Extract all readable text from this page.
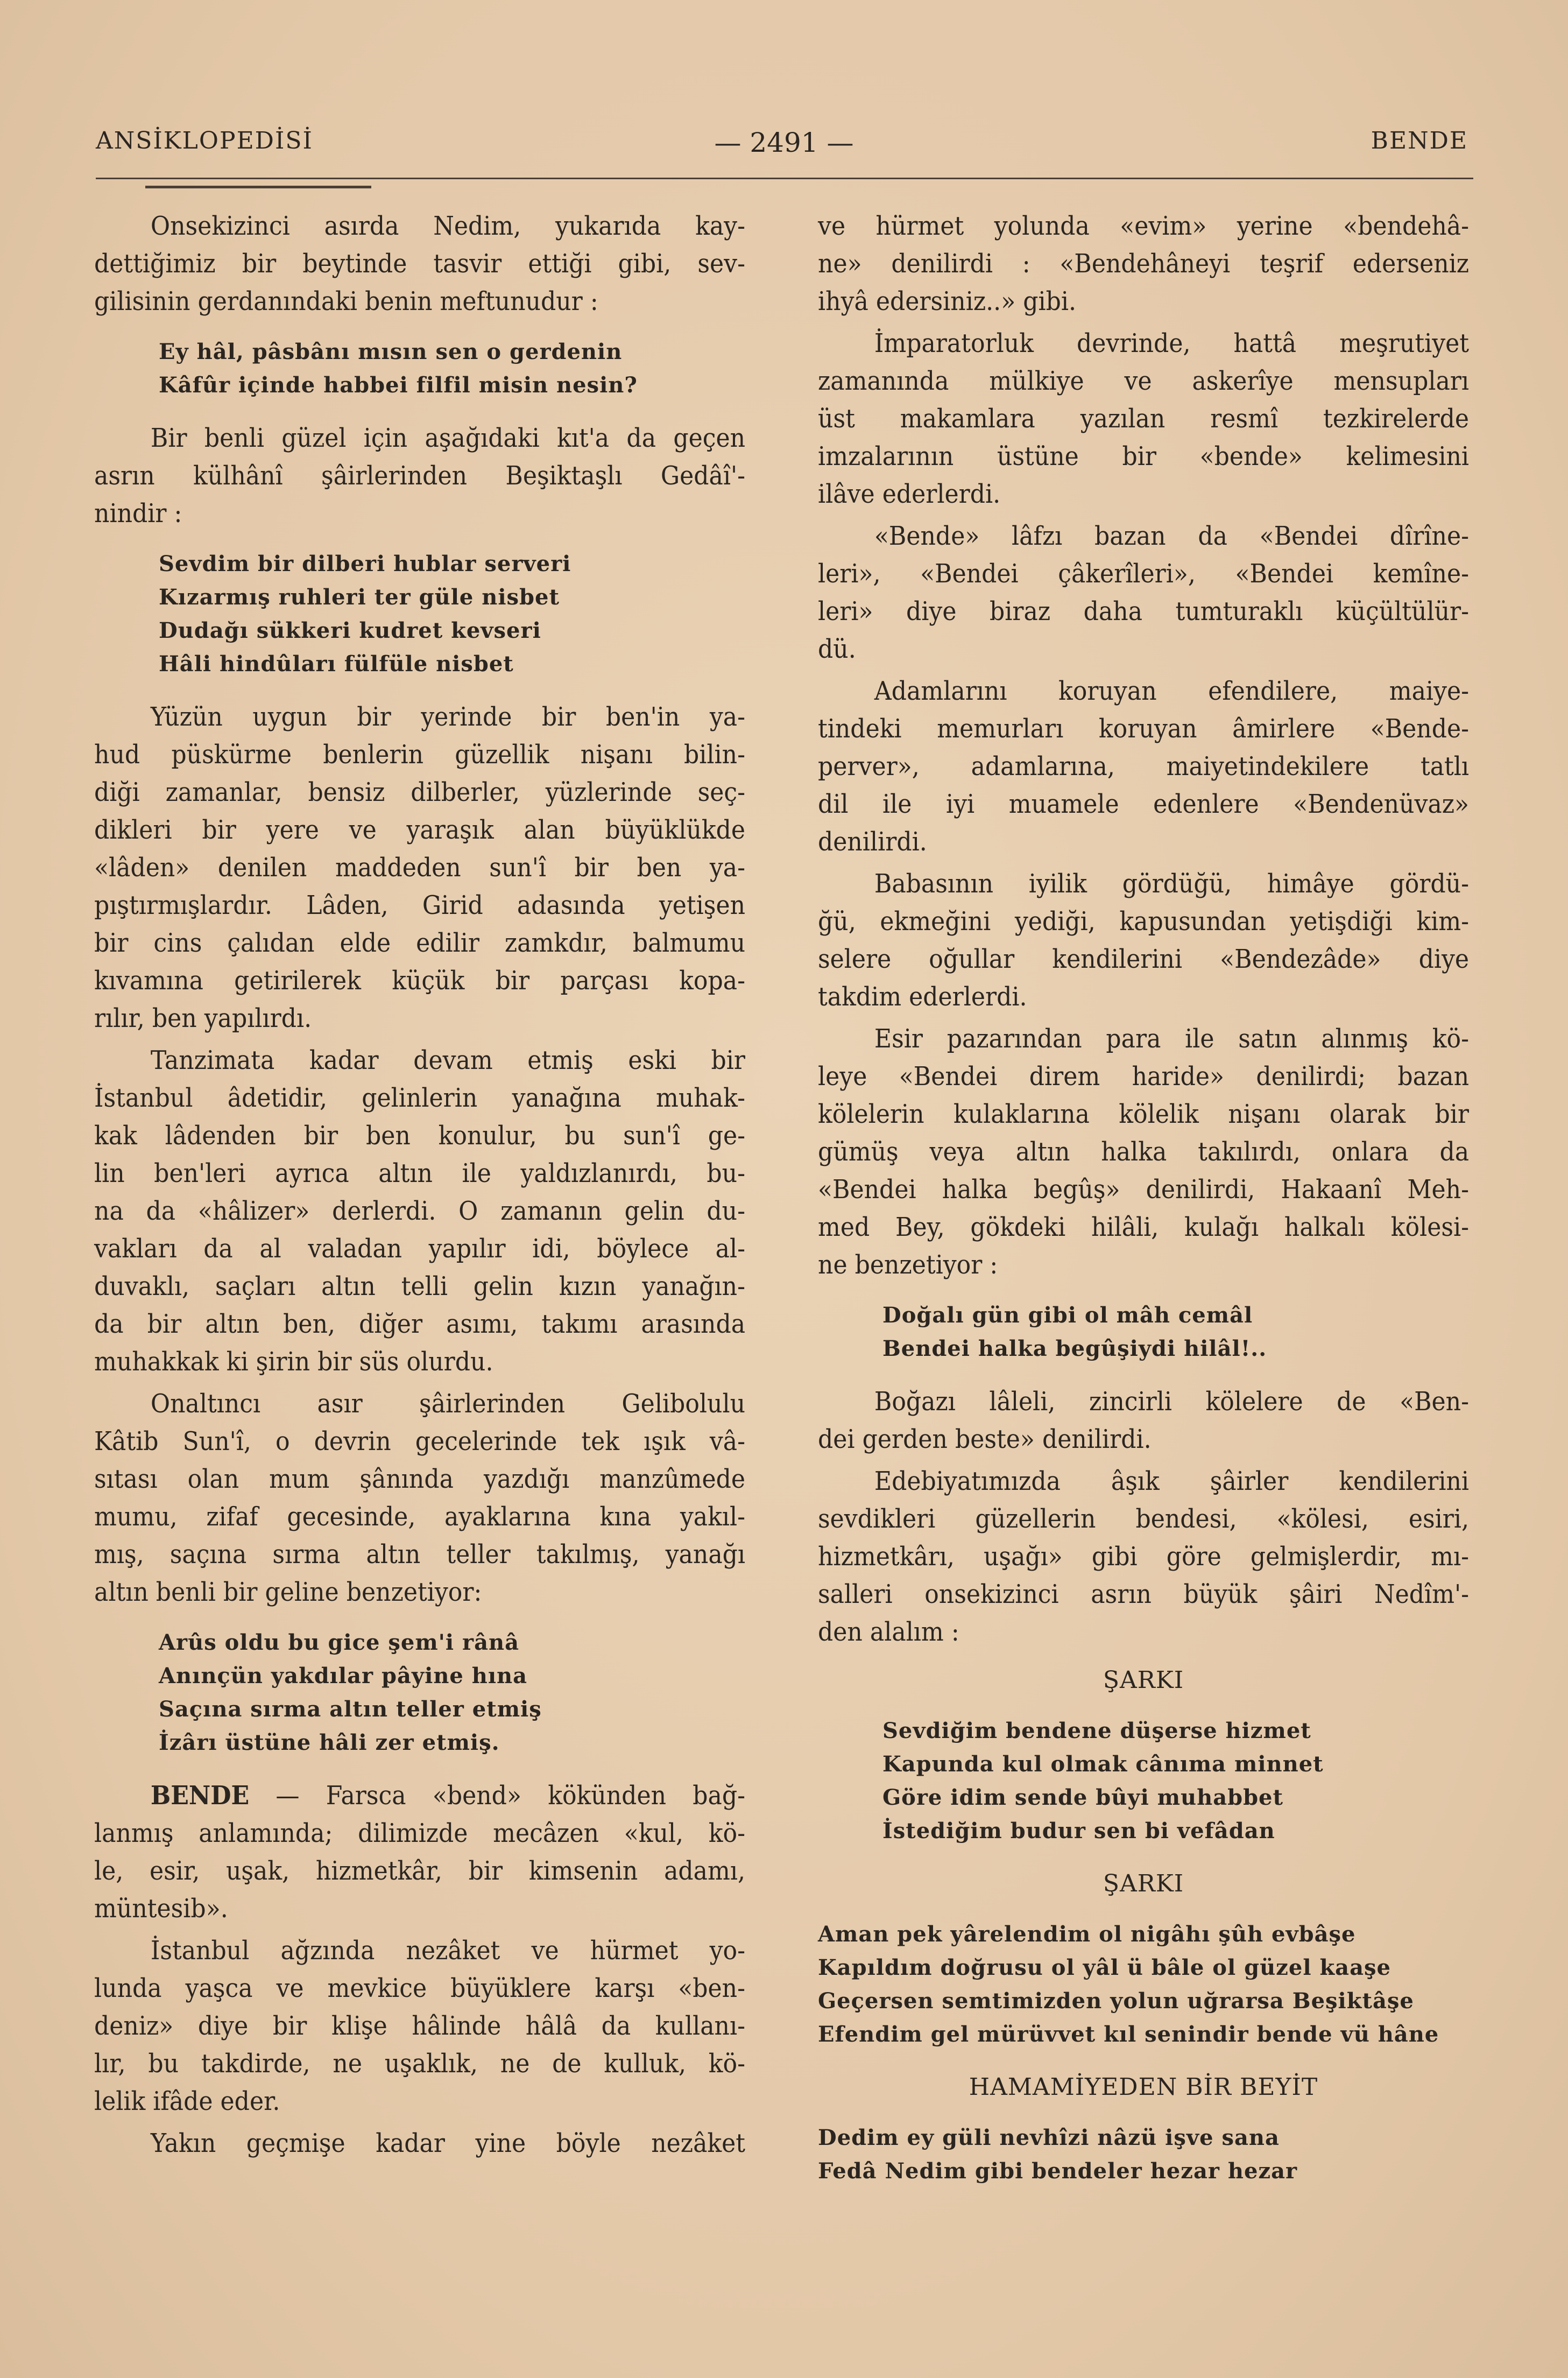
ANSİKLOPEDİSİ	— 2491 —	BENDE
Onsekizinci asırda Nedim, yukarıda kay-
dettiğimiz bir beytinde tasvir ettiği gibi, sev-
gilisinin gerdanındaki benin meftunudur :
Ey hâl, pâsbânı mısın sen o gerdenin
Kâfûr içinde habbei filfil misin nesin?
Bir benli güzel için aşağıdaki kıt'a da geçen
asrın külhânî şâirlerinden Beşiktaşlı Gedâî'-
nindir :
Sevdim bir dilberi hublar serveri
Kızarmış ruhleri ter güle nisbet
Dudağı sükkeri kudret kevseri
Hâli hindûları fülfüle nisbet
Yüzün uygun bir yerinde bir ben'in ya-
hud püskürme benlerin güzellik nişanı bilin-
diği zamanlar, bensiz dilberler, yüzlerinde seç-
dikleri bir yere ve yaraşık alan büyüklükde
«lâden» denilen maddeden sun'î bir ben ya-
pıştırmışlardır. Lâden, Girid adasında yetişen
bir cins çalıdan elde edilir zamkdır, balmumu
kıvamına getirilerek küçük bir parçası kopa-
rılır, ben yapılırdı.
Tanzimata kadar devam etmiş eski bir
İstanbul âdetidir, gelinlerin yanağına muhak-
kak lâdenden bir ben konulur, bu sun'î ge-
lin ben'leri ayrıca altın ile yaldızlanırdı, bu-
na da «hâlizer» derlerdi. O zamanın gelin du-
vakları da al valadan yapılır idi, böylece al-
duvaklı, saçları altın telli gelin kızın yanağın-
da bir altın ben, diğer asımı, takımı arasında
muhakkak ki şirin bir süs olurdu.
Onaltıncı asır şâirlerinden Gelibolulu
Kâtib Sun'î, o devrin gecelerinde tek ışık vâ-
sıtası olan mum şânında yazdığı manzûmede
mumu, zifaf gecesinde, ayaklarına kına yakıl-
mış, saçına sırma altın teller takılmış, yanağı
altın benli bir geline benzetiyor:
Arûs oldu bu gice şem'i rânâ
Anınçün yakdılar pâyine hına
Saçına sırma altın teller etmiş
İzârı üstüne hâli zer etmiş.
BENDE — Farsca «bend» kökünden bağ-
lanmış anlamında; dilimizde mecâzen «kul, kö-
le, esir, uşak, hizmetkâr, bir kimsenin adamı,
müntesib».
İstanbul ağzında nezâket ve hürmet yo-
lunda yaşca ve mevkice büyüklere karşı «ben-
deniz» diye bir klişe hâlinde hâlâ da kullanı-
lır, bu takdirde, ne uşaklık, ne de kulluk, kö-
lelik ifâde eder.
Yakın geçmişe kadar yine böyle nezâket
ve hürmet yolunda «evim» yerine «bendehâ-
ne» denilirdi : «Bendehâneyi teşrif ederseniz
ihyâ edersiniz..» gibi.
İmparatorluk devrinde, hattâ meşrutiyet
zamanında mülkiye ve askerîye mensupları
üst makamlara yazılan resmî tezkirelerde
imzalarının üstüne bir «bende» kelimesini
ilâve ederlerdi.
«Bende» lâfzı bazan da «Bendei dîrîne-
leri», «Bendei çâkerîleri», «Bendei kemîne-
leri» diye biraz daha tumturaklı küçültülür-
dü.
Adamlarını koruyan efendilere, maiye-
tindeki memurları koruyan âmirlere «Bende-
perver», adamlarına, maiyetindekilere tatlı
dil ile iyi muamele edenlere «Bendenüvaz»
denilirdi.
Babasının iyilik gördüğü, himâye gördü-
ğü, ekmeğini yediği, kapusundan yetişdiği kim-
selere oğullar kendilerini «Bendezâde» diye
takdim ederlerdi.
Esir pazarından para ile satın alınmış kö-
leye «Bendei direm haride» denilirdi; bazan
kölelerin kulaklarına kölelik nişanı olarak bir
gümüş veya altın halka takılırdı, onlara da
«Bendei halka begûş» denilirdi, Hakaanî Meh-
med Bey, gökdeki hilâli, kulağı halkalı kölesi-
ne benzetiyor :
Doğalı gün gibi ol mâh cemâl
Bendei halka begûşiydi hilâl!..
Boğazı lâleli, zincirli kölelere de «Ben-
dei gerden beste» denilirdi.
Edebiyatımızda âşık şâirler kendilerini
sevdikleri güzellerin bendesi, «kölesi, esiri,
hizmetkârı, uşağı» gibi göre gelmişlerdir, mı-
salleri onsekizinci asrın büyük şâiri Nedîm'-
den alalım :
ŞARKI
Sevdiğim bendene düşerse hizmet
Kapunda kul olmak cânıma minnet
Göre idim sende bûyi muhabbet
İstediğim budur sen bi vefâdan
ŞARKI
Aman pek yârelendim ol nigâhı şûh evbâşe
Kapıldım doğrusu ol yâl ü bâle ol güzel kaaşe
Geçersen semtimizden yolun uğrarsa Beşiktâşe
Efendim gel mürüvvet kıl senindir bende vü hâne
HAMAMİYEDEN BİR BEYİT
Dedim ey güli nevhîzi nâzü işve sana
Fedâ Nedim gibi bendeler hezar hezar
